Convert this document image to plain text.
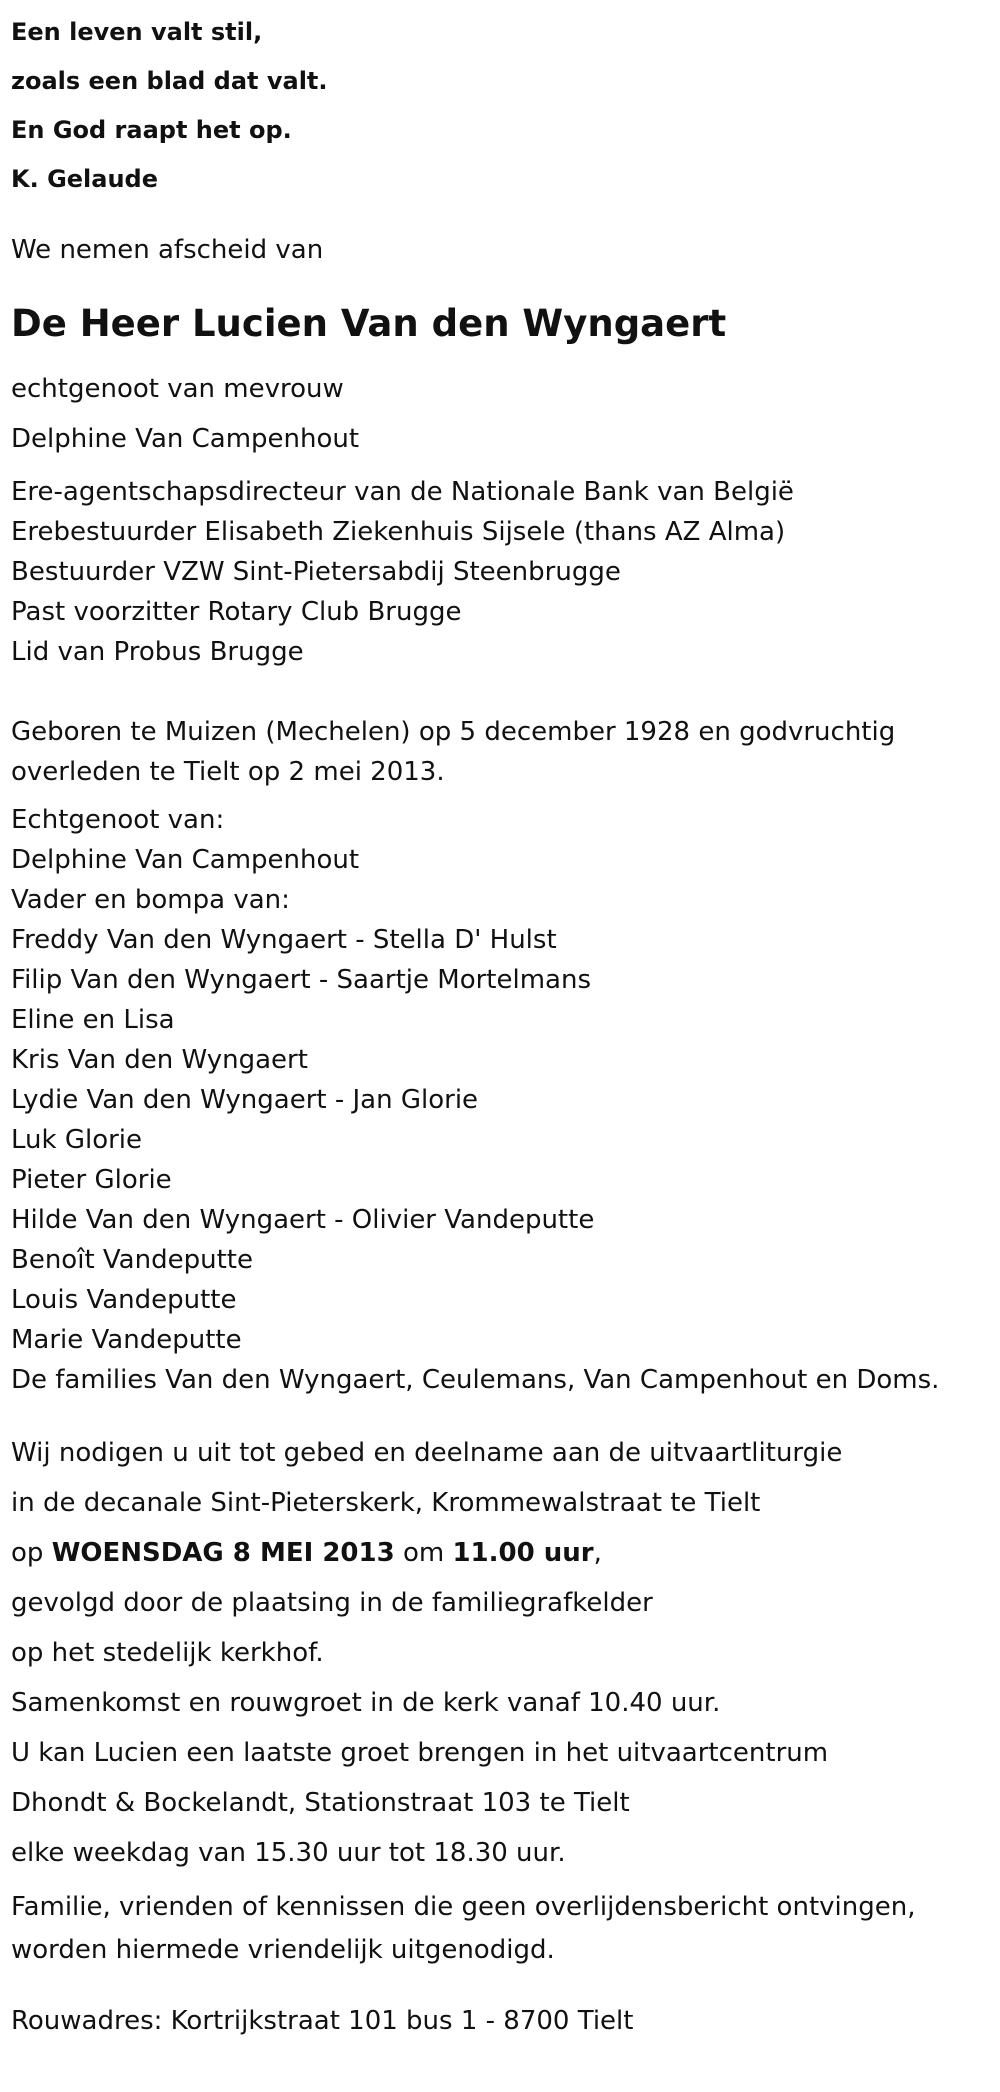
Een leven valt stil,

zoals een blad dat valt.

En God raapt het op.

K. Gelaude

We nemen afscheid van
De Heer Lucien Van den Wyngaert

echtgenoot van mevrouw

Delphine Van Campenhout

Ere-agentschapsdirecteur van de Nationale Bank van België

Erebestuurder Elisabeth Ziekenhuis Sijsele (thans AZ Alma)

Bestuurder VZW Sint-Pietersabdij Steenbrugge

Past voorzitter Rotary Club Brugge

Lid van Probus Brugge

Geboren te Muizen (Mechelen) op 5 december 1928 en godvruchtig

overleden te Tielt op 2 mei 2013.

Echtgenoot van:

Delphine Van Campenhout

Vader en bompa van:

Freddy Van den Wyngaert - Stella D' Hulst

Filip Van den Wyngaert - Saartje Mortelmans

Eline en Lisa

Kris Van den Wyngaert

Lydie Van den Wyngaert - Jan Glorie

Luk Glorie

Pieter Glorie

Hilde Van den Wyngaert - Olivier Vandeputte

Benoît Vandeputte

Louis Vandeputte

Marie Vandeputte

De families Van den Wyngaert, Ceulemans, Van Campenhout en Doms.

Wij nodigen u uit tot gebed en deelname aan de uitvaartliturgie

in de decanale Sint-Pieterskerk, Krommewalstraat te Tielt

op WOENSDAG 8 MEI 2013 om 11.00 uur,

gevolgd door de plaatsing in de familiegrafkelder

op het stedelijk kerkhof.

Samenkomst en rouwgroet in de kerk vanaf 10.40 uur.

U kan Lucien een laatste groet brengen in het uitvaartcentrum

Dhondt & Bockelandt, Stationstraat 103 te Tielt

elke weekdag van 15.30 uur tot 18.30 uur.

Familie, vrienden of kennissen die geen overlijdensbericht ontvingen,

worden hiermede vriendelijk uitgenodigd.

Rouwadres: Kortrijkstraat 101 bus 1 - 8700 Tielt
